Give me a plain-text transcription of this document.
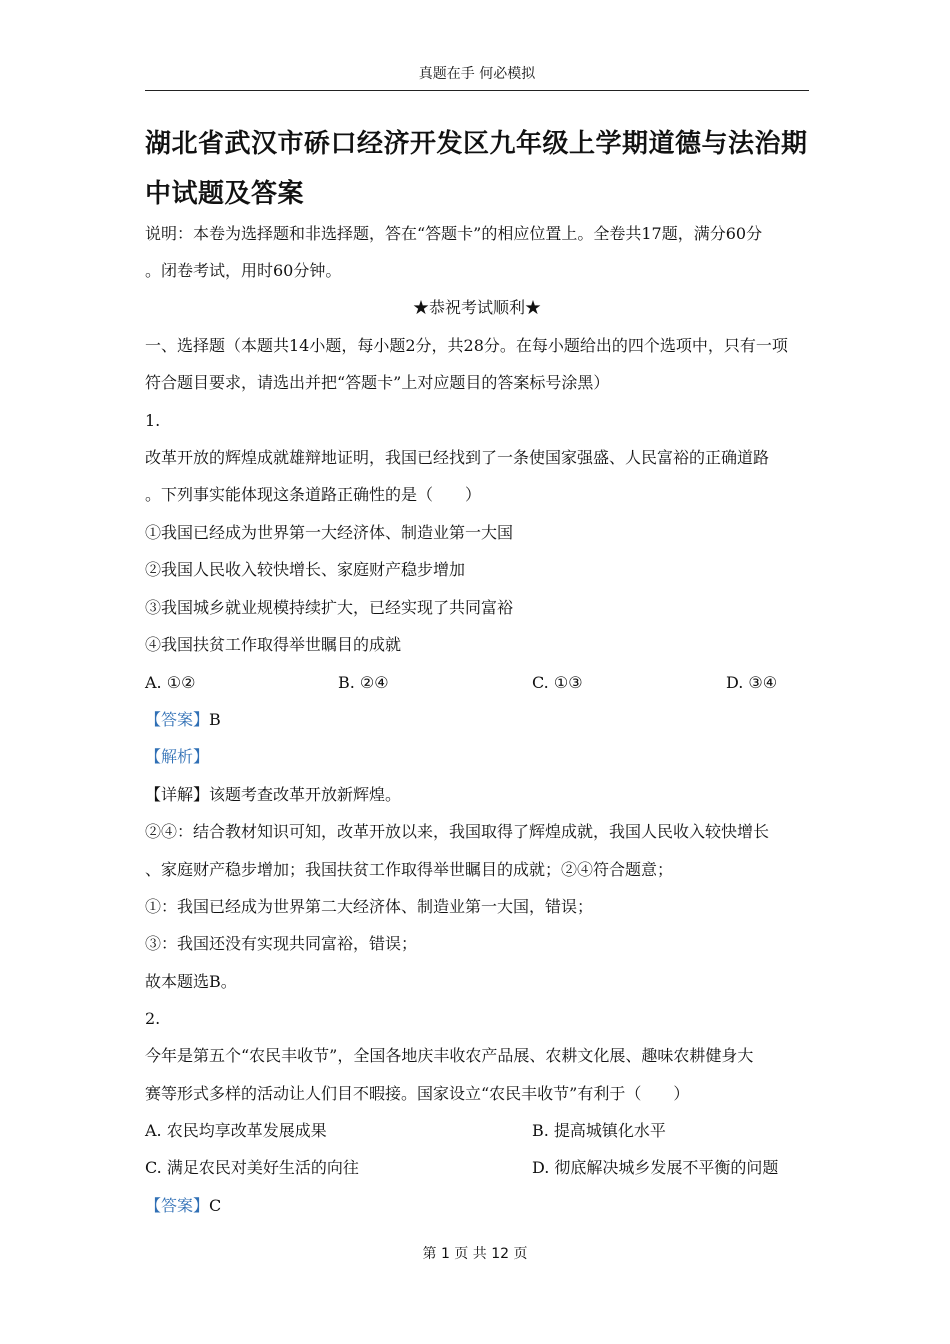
真题在手 何必模拟
湖北省武汉市硚口经济开发区九年级上学期道德与法治期
中试题及答案
说明：本卷为选择题和非选择题，答在“答题卡”的相应位置上。全卷共17题，满分60分
。闭卷考试，用时60分钟。
★恭祝考试顺利★
一、选择题（本题共14小题，每小题2分，共28分。在每小题给出的四个选项中，只有一项
符合题目要求，请选出并把“答题卡”上对应题目的答案标号涂黑）
1.
改革开放的辉煌成就雄辩地证明，我国已经找到了一条使国家强盛、人民富裕的正确道路
。下列事实能体现这条道路正确性的是（　　）
①我国已经成为世界第一大经济体、制造业第一大国
②我国人民收入较快增长、家庭财产稳步增加
③我国城乡就业规模持续扩大，已经实现了共同富裕
④我国扶贫工作取得举世瞩目的成就
A. ①②	B. ②④	C. ①③	D. ③④
【答案】B
【解析】
【详解】该题考查改革开放新辉煌。
②④：结合教材知识可知，改革开放以来，我国取得了辉煌成就，我国人民收入较快增长
、家庭财产稳步增加；我国扶贫工作取得举世瞩目的成就；②④符合题意；
①：我国已经成为世界第二大经济体、制造业第一大国，错误；
③：我国还没有实现共同富裕，错误；
故本题选B。
2.
今年是第五个“农民丰收节”，全国各地庆丰收农产品展、农耕文化展、趣味农耕健身大
赛等形式多样的活动让人们目不暇接。国家设立“农民丰收节”有利于（　　）
A. 农民均享改革发展成果	B. 提高城镇化水平
C. 满足农民对美好生活的向往	D. 彻底解决城乡发展不平衡的问题
【答案】C
第 1 页 共 12 页
